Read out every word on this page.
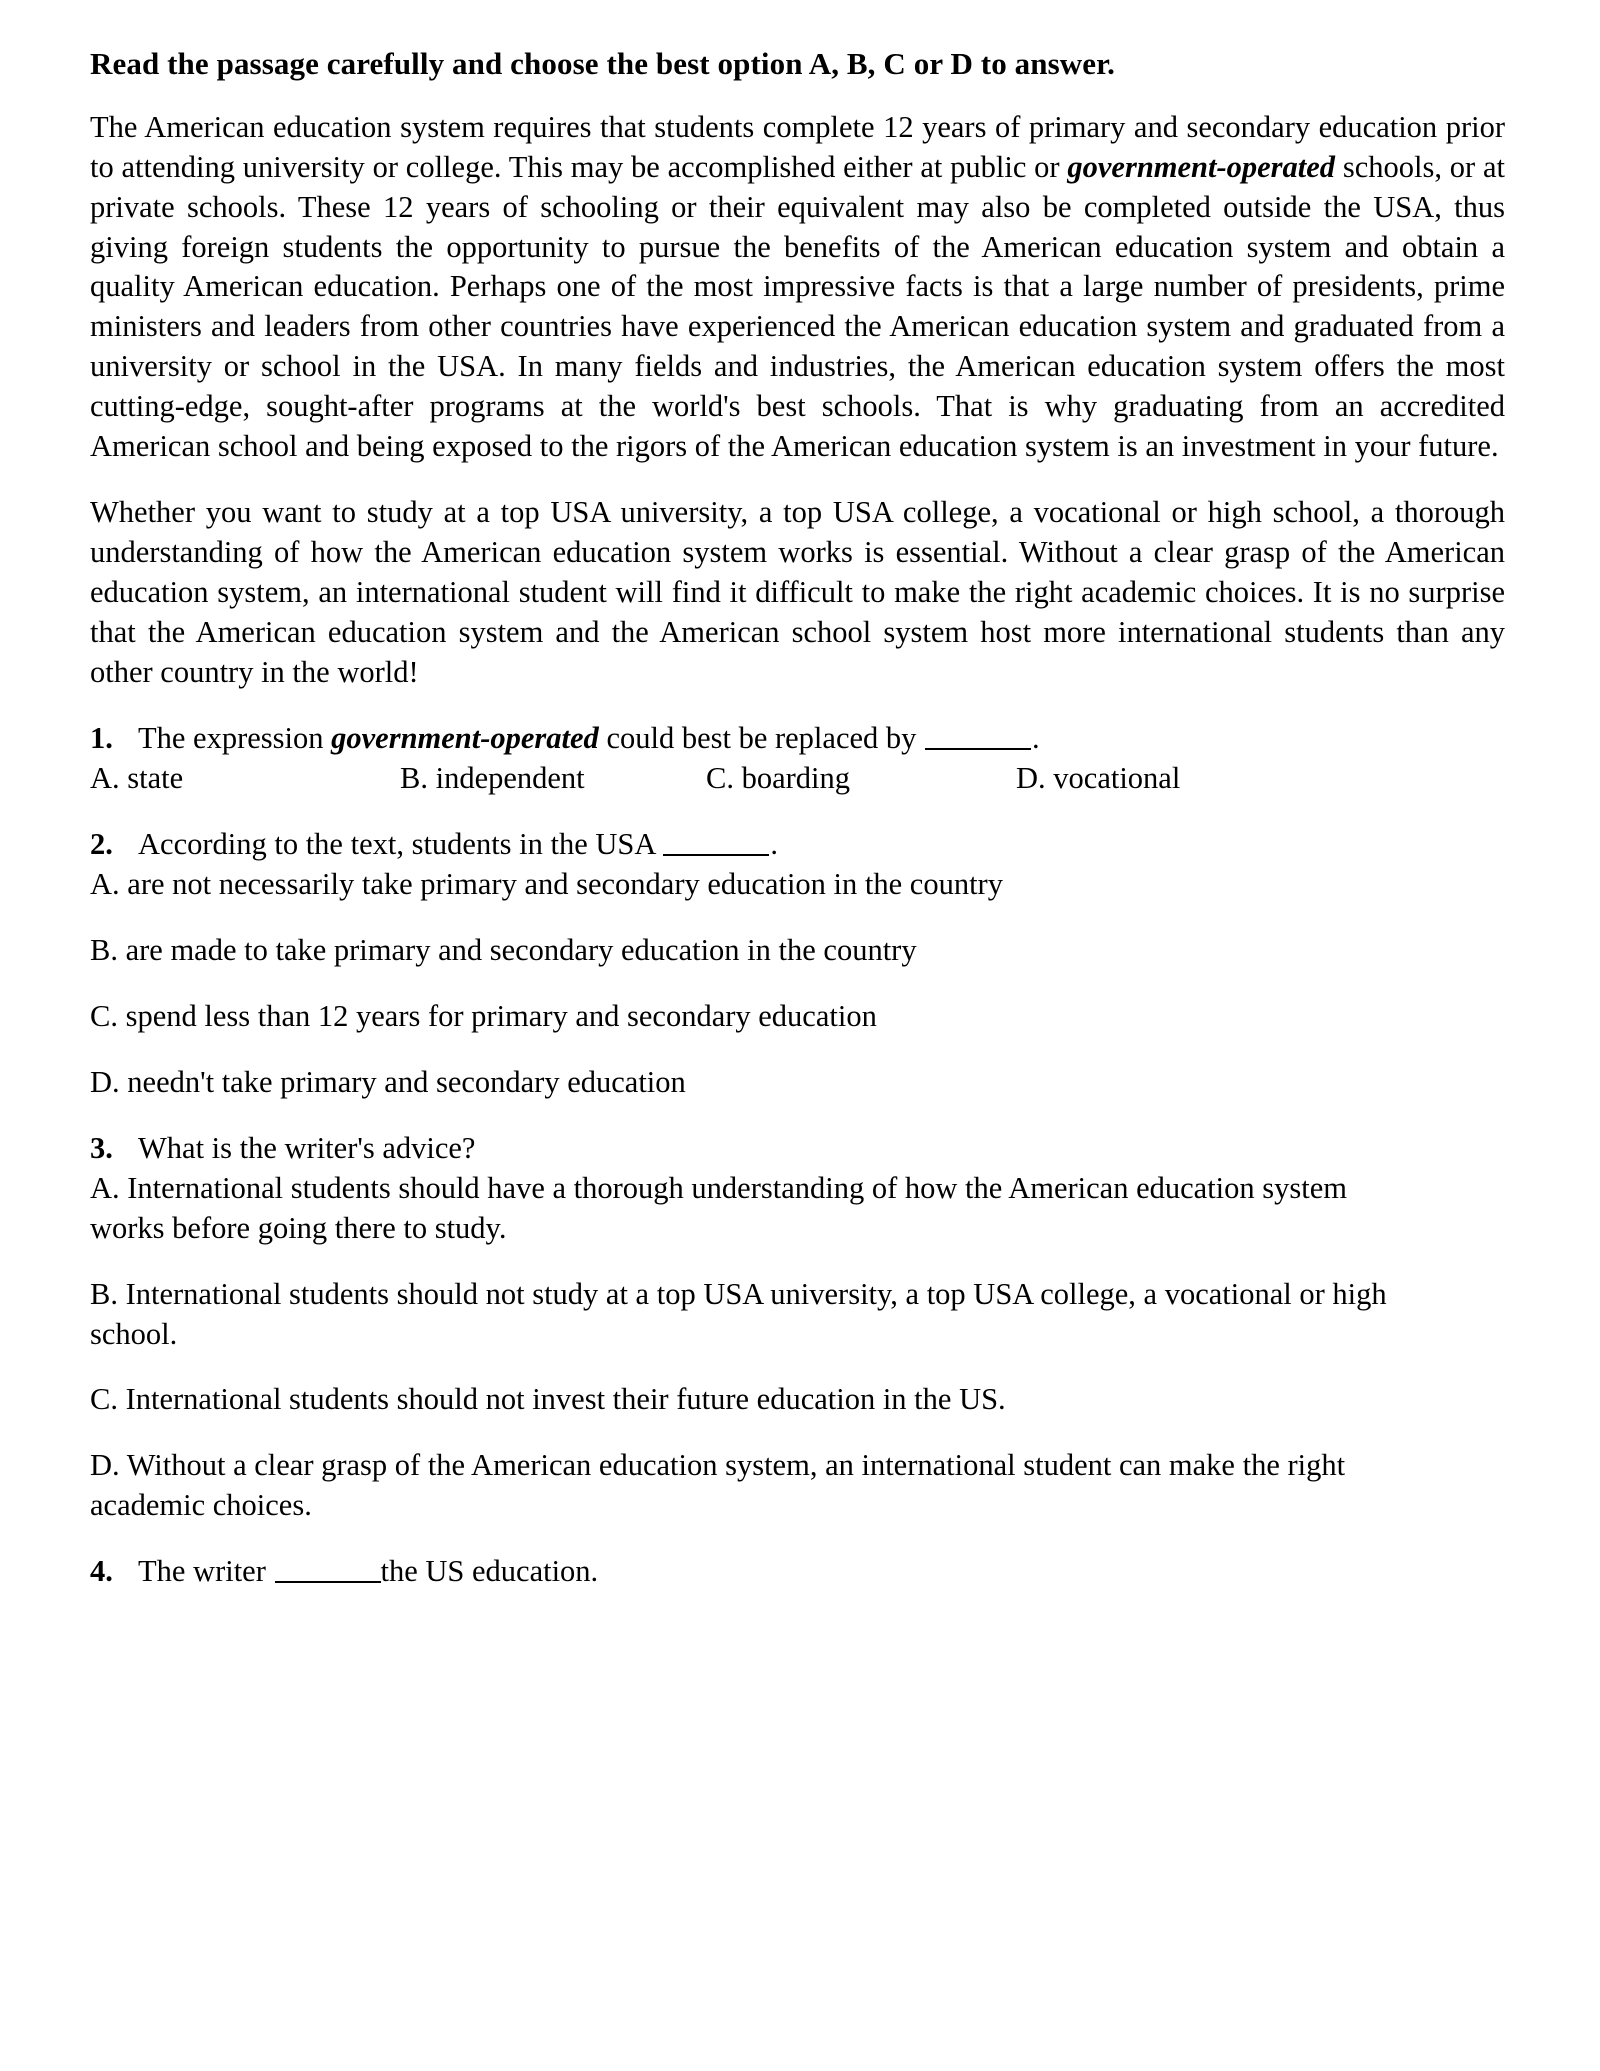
Read the passage carefully and choose the best option A, B, C or D to answer.

The American education system requires that students complete 12 years of primary and secondary education prior to attending university or college. This may be accomplished either at public or government-operated schools, or at private schools. These 12 years of schooling or their equivalent may also be completed outside the USA, thus giving foreign students the opportunity to pursue the benefits of the American education system and obtain a quality American education. Perhaps one of the most impressive facts is that a large number of presidents, prime ministers and leaders from other countries have experienced the American education system and graduated from a university or school in the USA. In many fields and industries, the American education system offers the most cutting-edge, sought-after programs at the world's best schools. That is why graduating from an accredited American school and being exposed to the rigors of the American education system is an investment in your future.

Whether you want to study at a top USA university, a top USA college, a vocational or high school, a thorough understanding of how the American education system works is essential. Without a clear grasp of the American education system, an international student will find it difficult to make the right academic choices. It is no surprise that the American education system and the American school system host more international students than any other country in the world!

1. The expression government-operated could best be replaced by	.

A. state	B. independent	C. boarding	D. vocational

2. According to the text, students in the USA	.

A. are not necessarily take primary and secondary education in the country

B. are made to take primary and secondary education in the country

C. spend less than 12 years for primary and secondary education

D. needn't take primary and secondary education

3. What is the writer's advice?

A. International students should have a thorough understanding of how the American education system works before going there to study.

B. International students should not study at a top USA university, a top USA college, a vocational or high school.

C. International students should not invest their future education in the US.

D. Without a clear grasp of the American education system, an international student can make the right academic choices.

4. The writer	the US education.
